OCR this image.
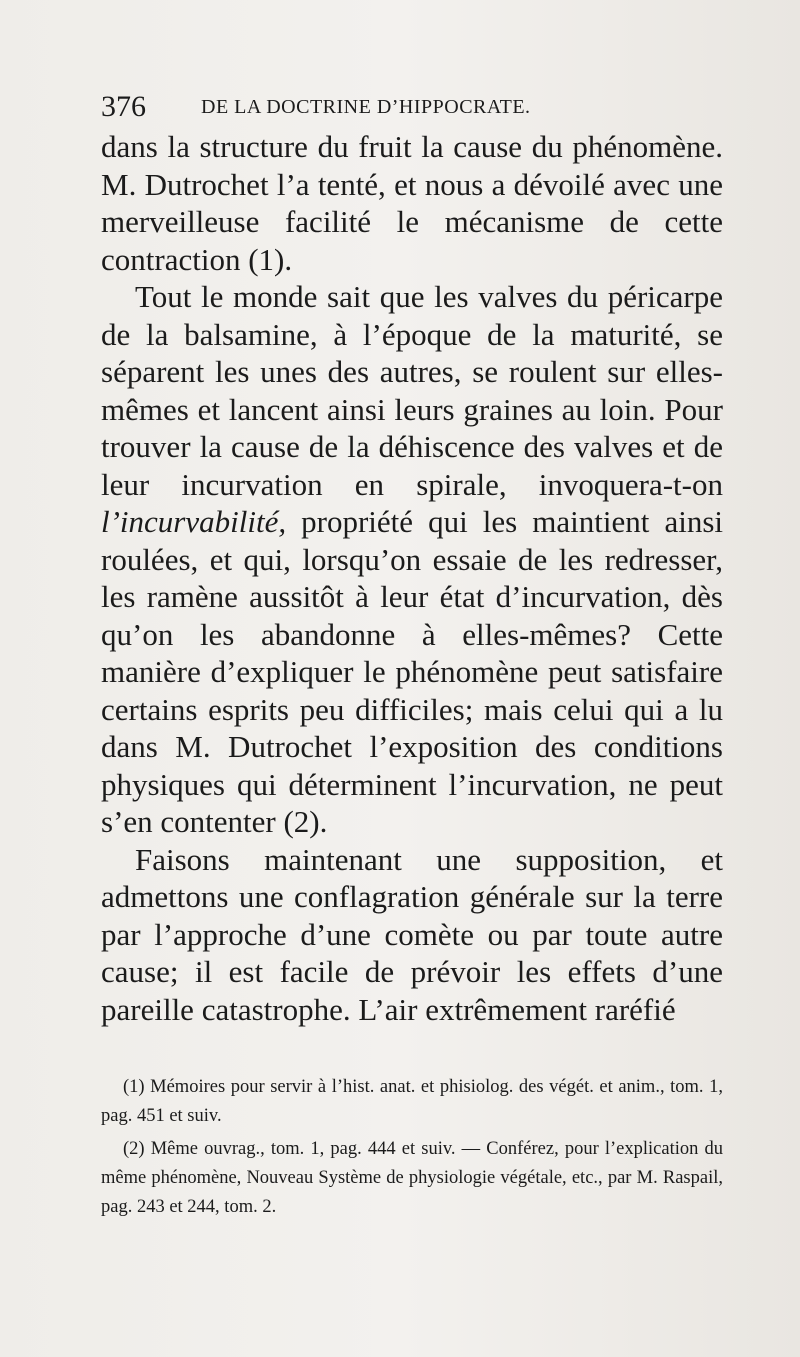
376	DE LA DOCTRINE D’HIPPOCRATE.

dans la structure du fruit la cause du phénomène. M. Dutrochet l’a tenté, et nous a dévoilé avec une merveilleuse facilité le mécanisme de cette contraction (1).

Tout le monde sait que les valves du péricarpe de la balsamine, à l’époque de la maturité, se séparent les unes des autres, se roulent sur elles-mêmes et lancent ainsi leurs graines au loin. Pour trouver la cause de la déhiscence des valves et de leur incurvation en spirale, invoquera-t-on l’incurvabilité, propriété qui les maintient ainsi roulées, et qui, lorsqu’on essaie de les redresser, les ramène aussitôt à leur état d’incurvation, dès qu’on les abandonne à elles-mêmes? Cette manière d’expliquer le phénomène peut satisfaire certains esprits peu difficiles; mais celui qui a lu dans M. Dutrochet l’exposition des conditions physiques qui déterminent l’incurvation, ne peut s’en contenter (2).

Faisons maintenant une supposition, et admettons une conflagration générale sur la terre par l’approche d’une comète ou par toute autre cause; il est facile de prévoir les effets d’une pareille catastrophe. L’air extrêmement raréfié

(1) Mémoires pour servir à l’hist. anat. et phisiolog. des végét. et anim., tom. 1, pag. 451 et suiv.

(2) Même ouvrag., tom. 1, pag. 444 et suiv. — Conférez, pour l’explication du même phénomène, Nouveau Système de physiologie végétale, etc., par M. Raspail, pag. 243 et 244, tom. 2.
